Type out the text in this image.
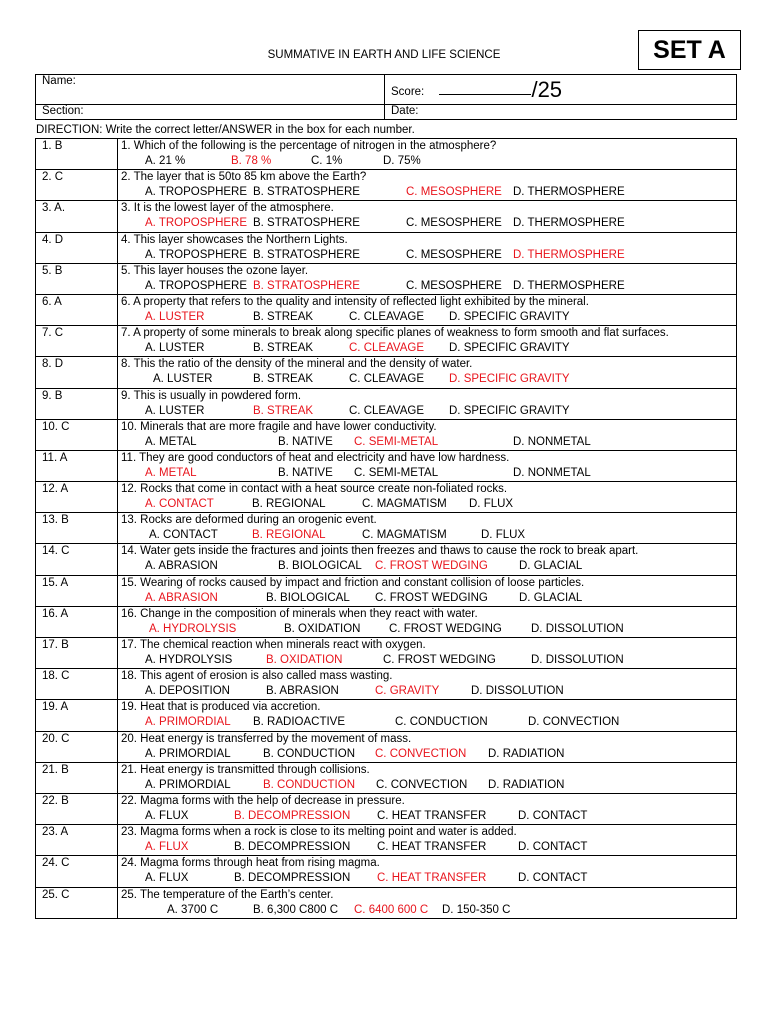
SUMMATIVE IN EARTH AND LIFE SCIENCE	SET A
Name:	Score: /25
Section:	Date:
DIRECTION: Write the correct letter/ANSWER in the box for each number.
1. B	1. Which of the following is the percentage of nitrogen in the atmosphere?
A. 21 % B. 78 % C. 1% D. 75%

2. C	2. The layer that is 50to 85 km above the Earth?
A. TROPOSPHERE B. STRATOSPHERE C. MESOSPHERE D. THERMOSPHERE

3. A.	3. It is the lowest layer of the atmosphere.
A. TROPOSPHERE B. STRATOSPHERE C. MESOSPHERE D. THERMOSPHERE

4. D	4. This layer showcases the Northern Lights.
A. TROPOSPHERE B. STRATOSPHERE C. MESOSPHERE D. THERMOSPHERE

5. B	5. This layer houses the ozone layer.
A. TROPOSPHERE B. STRATOSPHERE C. MESOSPHERE D. THERMOSPHERE

6. A	6. A property that refers to the quality and intensity of reflected light exhibited by the mineral.
A. LUSTER B. STREAK C. CLEAVAGE D. SPECIFIC GRAVITY

7. C	7. A property of some minerals to break along specific planes of weakness to form smooth and flat surfaces.
A. LUSTER B. STREAK C. CLEAVAGE D. SPECIFIC GRAVITY

8. D	8. This the ratio of the density of the mineral and the density of water.
A. LUSTER B. STREAK C. CLEAVAGE D. SPECIFIC GRAVITY

9. B	9. This is usually in powdered form.
A. LUSTER B. STREAK C. CLEAVAGE D. SPECIFIC GRAVITY

10. C	10. Minerals that are more fragile and have lower conductivity.
A. METAL B. NATIVE C. SEMI-METAL D. NONMETAL

11. A	11. They are good conductors of heat and electricity and have low hardness.
A. METAL B. NATIVE C. SEMI-METAL D. NONMETAL

12. A	12. Rocks that come in contact with a heat source create non-foliated rocks.
A. CONTACT B. REGIONAL C. MAGMATISM D. FLUX

13. B	13. Rocks are deformed during an orogenic event.
A. CONTACT B. REGIONAL C. MAGMATISM D. FLUX

14. C	14. Water gets inside the fractures and joints then freezes and thaws to cause the rock to break apart.
A. ABRASION B. BIOLOGICAL C. FROST WEDGING D. GLACIAL

15. A	15. Wearing of rocks caused by impact and friction and constant collision of loose particles.
A. ABRASION B. BIOLOGICAL C. FROST WEDGING D. GLACIAL

16. A	16. Change in the composition of minerals when they react with water.
A. HYDROLYSIS B. OXIDATION C. FROST WEDGING D. DISSOLUTION

17. B	17. The chemical reaction when minerals react with oxygen.
A. HYDROLYSIS B. OXIDATION C. FROST WEDGING D. DISSOLUTION

18. C	18. This agent of erosion is also called mass wasting.
A. DEPOSITION B. ABRASION C. GRAVITY D. DISSOLUTION

19. A	19. Heat that is produced via accretion.
A. PRIMORDIAL B. RADIOACTIVE C. CONDUCTION D. CONVECTION

20. C	20. Heat energy is transferred by the movement of mass.
A. PRIMORDIAL B. CONDUCTION C. CONVECTION D. RADIATION

21. B	21. Heat energy is transmitted through collisions.
A. PRIMORDIAL B. CONDUCTION C. CONVECTION D. RADIATION

22. B	22. Magma forms with the help of decrease in pressure.
A. FLUX B. DECOMPRESSION C. HEAT TRANSFER D. CONTACT

23. A	23. Magma forms when a rock is close to its melting point and water is added.
A. FLUX B. DECOMPRESSION C. HEAT TRANSFER D. CONTACT

24. C	24. Magma forms through heat from rising magma.
A. FLUX B. DECOMPRESSION C. HEAT TRANSFER D. CONTACT

25. C	25. The temperature of the Earth’s center.
A. 3700 C B. 6,300 C800 C C. 6400 600 C D. 150-350 C
